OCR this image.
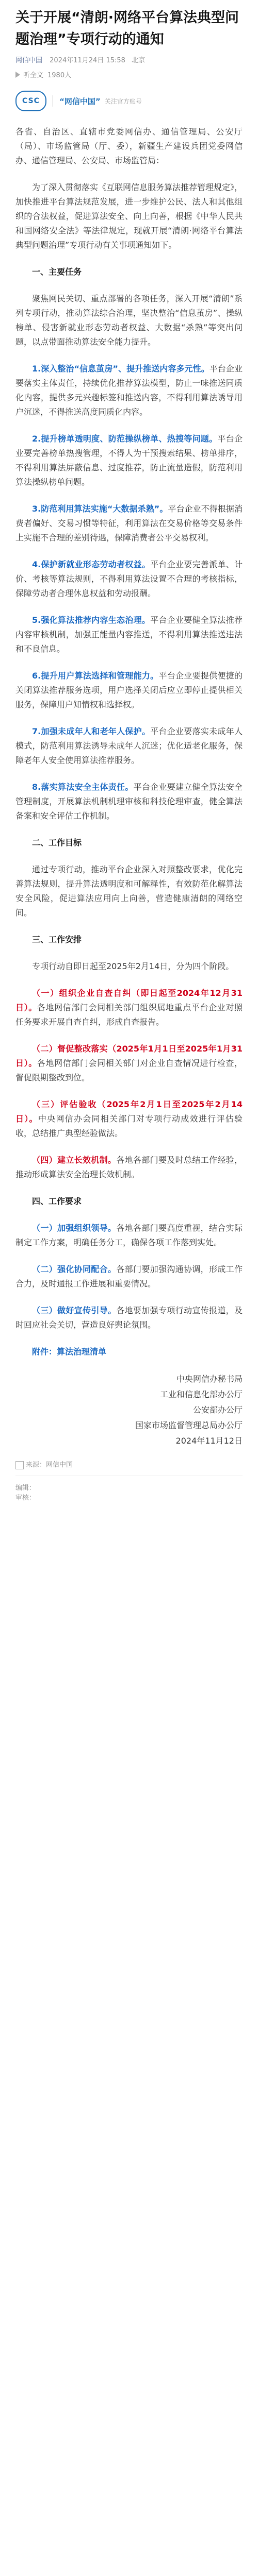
关于开展“清朗·网络平台算法典型问题治理”专项行动的通知
网信中国 2024年11月24日 15:58 北京
听全文 1980人
CSC	“网信中国” 关注官方账号

各省、自治区、直辖市党委网信办、通信管理局、公安厅（局）、市场监管局（厅、委），新疆生产建设兵团党委网信办、通信管理局、公安局、市场监管局：

为了深入贯彻落实《互联网信息服务算法推荐管理规定》，加快推进平台算法规范发展，进一步维护公民、法人和其他组织的合法权益，促进算法安全、向上向善，根据《中华人民共和国网络安全法》等法律规定，现就开展“清朗·网络平台算法典型问题治理”专项行动有关事项通知如下。

一、主要任务

聚焦网民关切、重点部署的各项任务，深入开展“清朗”系列专项行动，推动算法综合治理，坚决整治“信息茧房”、操纵榜单、侵害新就业形态劳动者权益、大数据“杀熟”等突出问题，以点带面推动算法安全能力提升。

1.深入整治“信息茧房”、提升推送内容多元性。平台企业要落实主体责任，持续优化推荐算法模型，防止一味推送同质化内容，提供多元兴趣标签和推送内容，不得利用算法诱导用户沉迷，不得推送高度同质化内容。

2.提升榜单透明度、防范操纵榜单、热搜等问题。平台企业要完善榜单热搜管理，不得人为干预搜索结果、榜单排序，不得利用算法屏蔽信息、过度推荐，防止流量造假，防范利用算法操纵榜单问题。

3.防范利用算法实施“大数据杀熟”。平台企业不得根据消费者偏好、交易习惯等特征，利用算法在交易价格等交易条件上实施不合理的差别待遇，保障消费者公平交易权利。

4.保护新就业形态劳动者权益。平台企业要完善派单、计价、考核等算法规则，不得利用算法设置不合理的考核指标，保障劳动者合理休息权益和劳动报酬。

5.强化算法推荐内容生态治理。平台企业要健全算法推荐内容审核机制，加强正能量内容推送，不得利用算法推送违法和不良信息。

6.提升用户算法选择和管理能力。平台企业要提供便捷的关闭算法推荐服务选项，用户选择关闭后应立即停止提供相关服务，保障用户知情权和选择权。

7.加强未成年人和老年人保护。平台企业要落实未成年人模式，防范利用算法诱导未成年人沉迷；优化适老化服务，保障老年人安全使用算法推荐服务。

8.落实算法安全主体责任。平台企业要建立健全算法安全管理制度，开展算法机制机理审核和科技伦理审查，健全算法备案和安全评估工作机制。

二、工作目标

通过专项行动，推动平台企业深入对照整改要求，优化完善算法规则，提升算法透明度和可解释性，有效防范化解算法安全风险，促进算法应用向上向善，营造健康清朗的网络空间。

三、工作安排

专项行动自即日起至2025年2月14日，分为四个阶段。

（一）组织企业自查自纠（即日起至2024年12月31日）。各地网信部门会同相关部门组织属地重点平台企业对照任务要求开展自查自纠，形成自查报告。

（二）督促整改落实（2025年1月1日至2025年1月31日）。各地网信部门会同相关部门对企业自查情况进行检查，督促限期整改到位。

（三）评估验收（2025年2月1日至2025年2月14日）。中央网信办会同相关部门对专项行动成效进行评估验收，总结推广典型经验做法。

（四）建立长效机制。各地各部门要及时总结工作经验，推动形成算法安全治理长效机制。

四、工作要求

（一）加强组织领导。各地各部门要高度重视，结合实际制定工作方案，明确任务分工，确保各项工作落到实处。

（二）强化协同配合。各部门要加强沟通协调，形成工作合力，及时通报工作进展和重要情况。

（三）做好宣传引导。各地要加强专项行动宣传报道，及时回应社会关切，营造良好舆论氛围。

附件：算法治理清单

中央网信办秘书局

工业和信息化部办公厅

公安部办公厅

国家市场监督管理总局办公厅

2024年11月12日

来源：网信中国
编辑：
审核：
